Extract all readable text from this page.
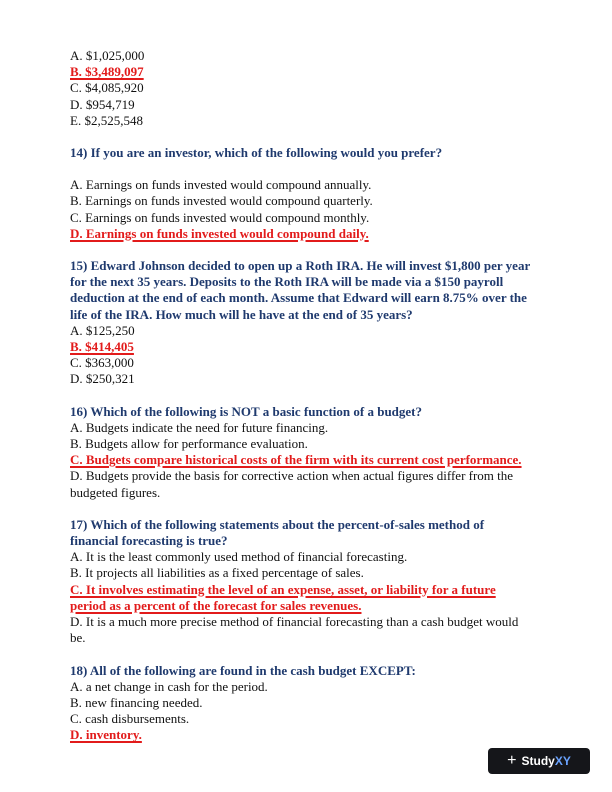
A. $1,025,000
B. $3,489,097
C. $4,085,920
D. $954,719
E. $2,525,548
14) If you are an investor, which of the following would you prefer?
A. Earnings on funds invested would compound annually.
B. Earnings on funds invested would compound quarterly.
C. Earnings on funds invested would compound monthly.
D. Earnings on funds invested would compound daily.
15) Edward Johnson decided to open up a Roth IRA. He will invest $1,800 per year
for the next 35 years. Deposits to the Roth IRA will be made via a $150 payroll
deduction at the end of each month. Assume that Edward will earn 8.75% over the
life of the IRA. How much will he have at the end of 35 years?
A. $125,250
B. $414,405
C. $363,000
D. $250,321
16) Which of the following is NOT a basic function of a budget?
A. Budgets indicate the need for future financing.
B. Budgets allow for performance evaluation.
C. Budgets compare historical costs of the firm with its current cost performance.
D. Budgets provide the basis for corrective action when actual figures differ from the
budgeted figures.
17) Which of the following statements about the percent-of-sales method of
financial forecasting is true?
A. It is the least commonly used method of financial forecasting.
B. It projects all liabilities as a fixed percentage of sales.
C. It involves estimating the level of an expense, asset, or liability for a future
period as a percent of the forecast for sales revenues.
D. It is a much more precise method of financial forecasting than a cash budget would
be.
18) All of the following are found in the cash budget EXCEPT:
A. a net change in cash for the period.
B. new financing needed.
C. cash disbursements.
D. inventory.
+ Study XY
